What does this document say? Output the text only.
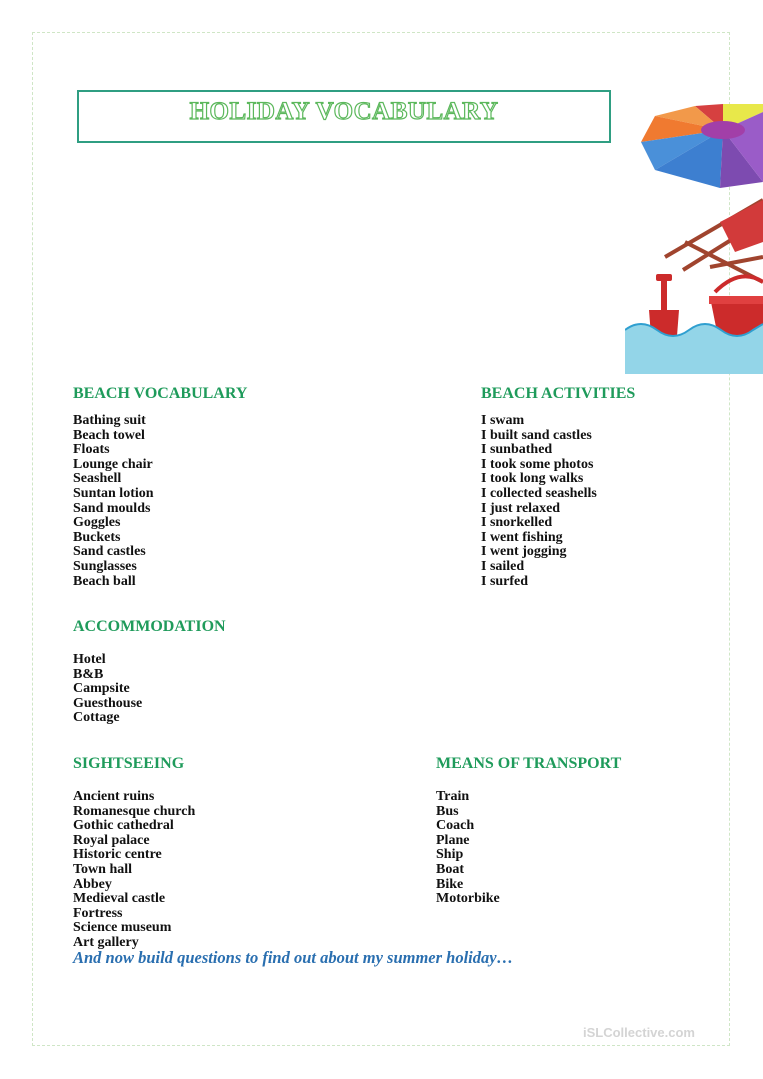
HOLIDAY VOCABULARY
BEACH VOCABULARY
Bathing suit
Beach towel
Floats
Lounge chair
Seashell
Suntan lotion
Sand moulds
Goggles
Buckets
Sand castles
Sunglasses
Beach ball
BEACH ACTIVITIES
I swam
I built sand castles
I sunbathed
I took some photos
I took long walks
I collected seashells
I just relaxed
I snorkelled
I went fishing
I went jogging
I sailed
I surfed
ACCOMMODATION
Hotel
B&B
Campsite
Guesthouse
Cottage
SIGHTSEEING
Ancient ruins
Romanesque church
Gothic cathedral
Royal palace
Historic centre
Town hall
Abbey
Medieval castle
Fortress
Science museum
Art gallery
MEANS OF TRANSPORT
Train
Bus
Coach
Plane
Ship
Boat
Bike
Motorbike
And now build questions to find out about my summer holiday…
iSLCollective.com
